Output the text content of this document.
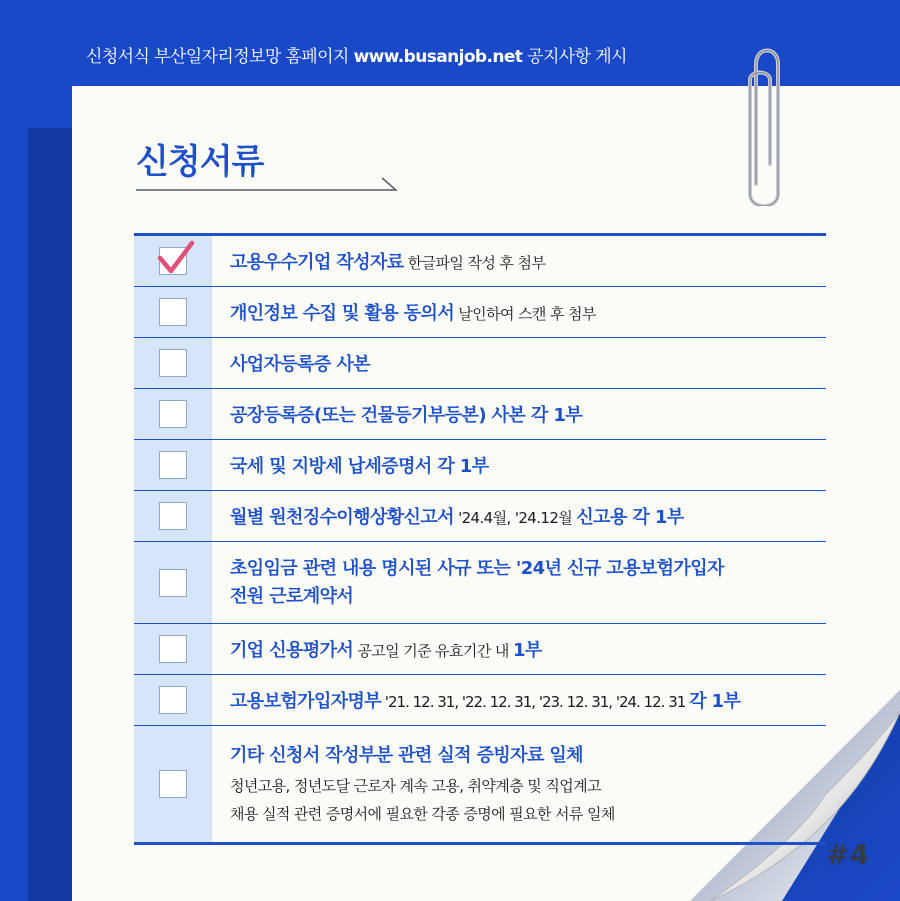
신청서식 부산일자리정보망 홈페이지 www.busanjob.net 공지사항 게시
신청서류
고용우수기업 작성자료 한글파일 작성 후 첨부
개인정보 수집 및 활용 동의서 날인하여 스캔 후 첨부
사업자등록증 사본
공장등록증(또는 건물등기부등본) 사본 각 1부
국세 및 지방세 납세증명서 각 1부
월별 원천징수이행상황신고서 '24.4월, '24.12월 신고용 각 1부
초임임금 관련 내용 명시된 사규 또는 '24년 신규 고용보험가입자
전원 근로계약서
기업 신용평가서 공고일 기준 유효기간 내 1부
고용보험가입자명부 '21. 12. 31, '22. 12. 31, '23. 12. 31, '24. 12. 31 각 1부
기타 신청서 작성부분 관련 실적 증빙자료 일체
청년고용, 정년도달 근로자 계속 고용, 취약계층 및 직업계고
채용 실적 관련 증명서에 필요한 각종 증명에 필요한 서류 일체
#4
